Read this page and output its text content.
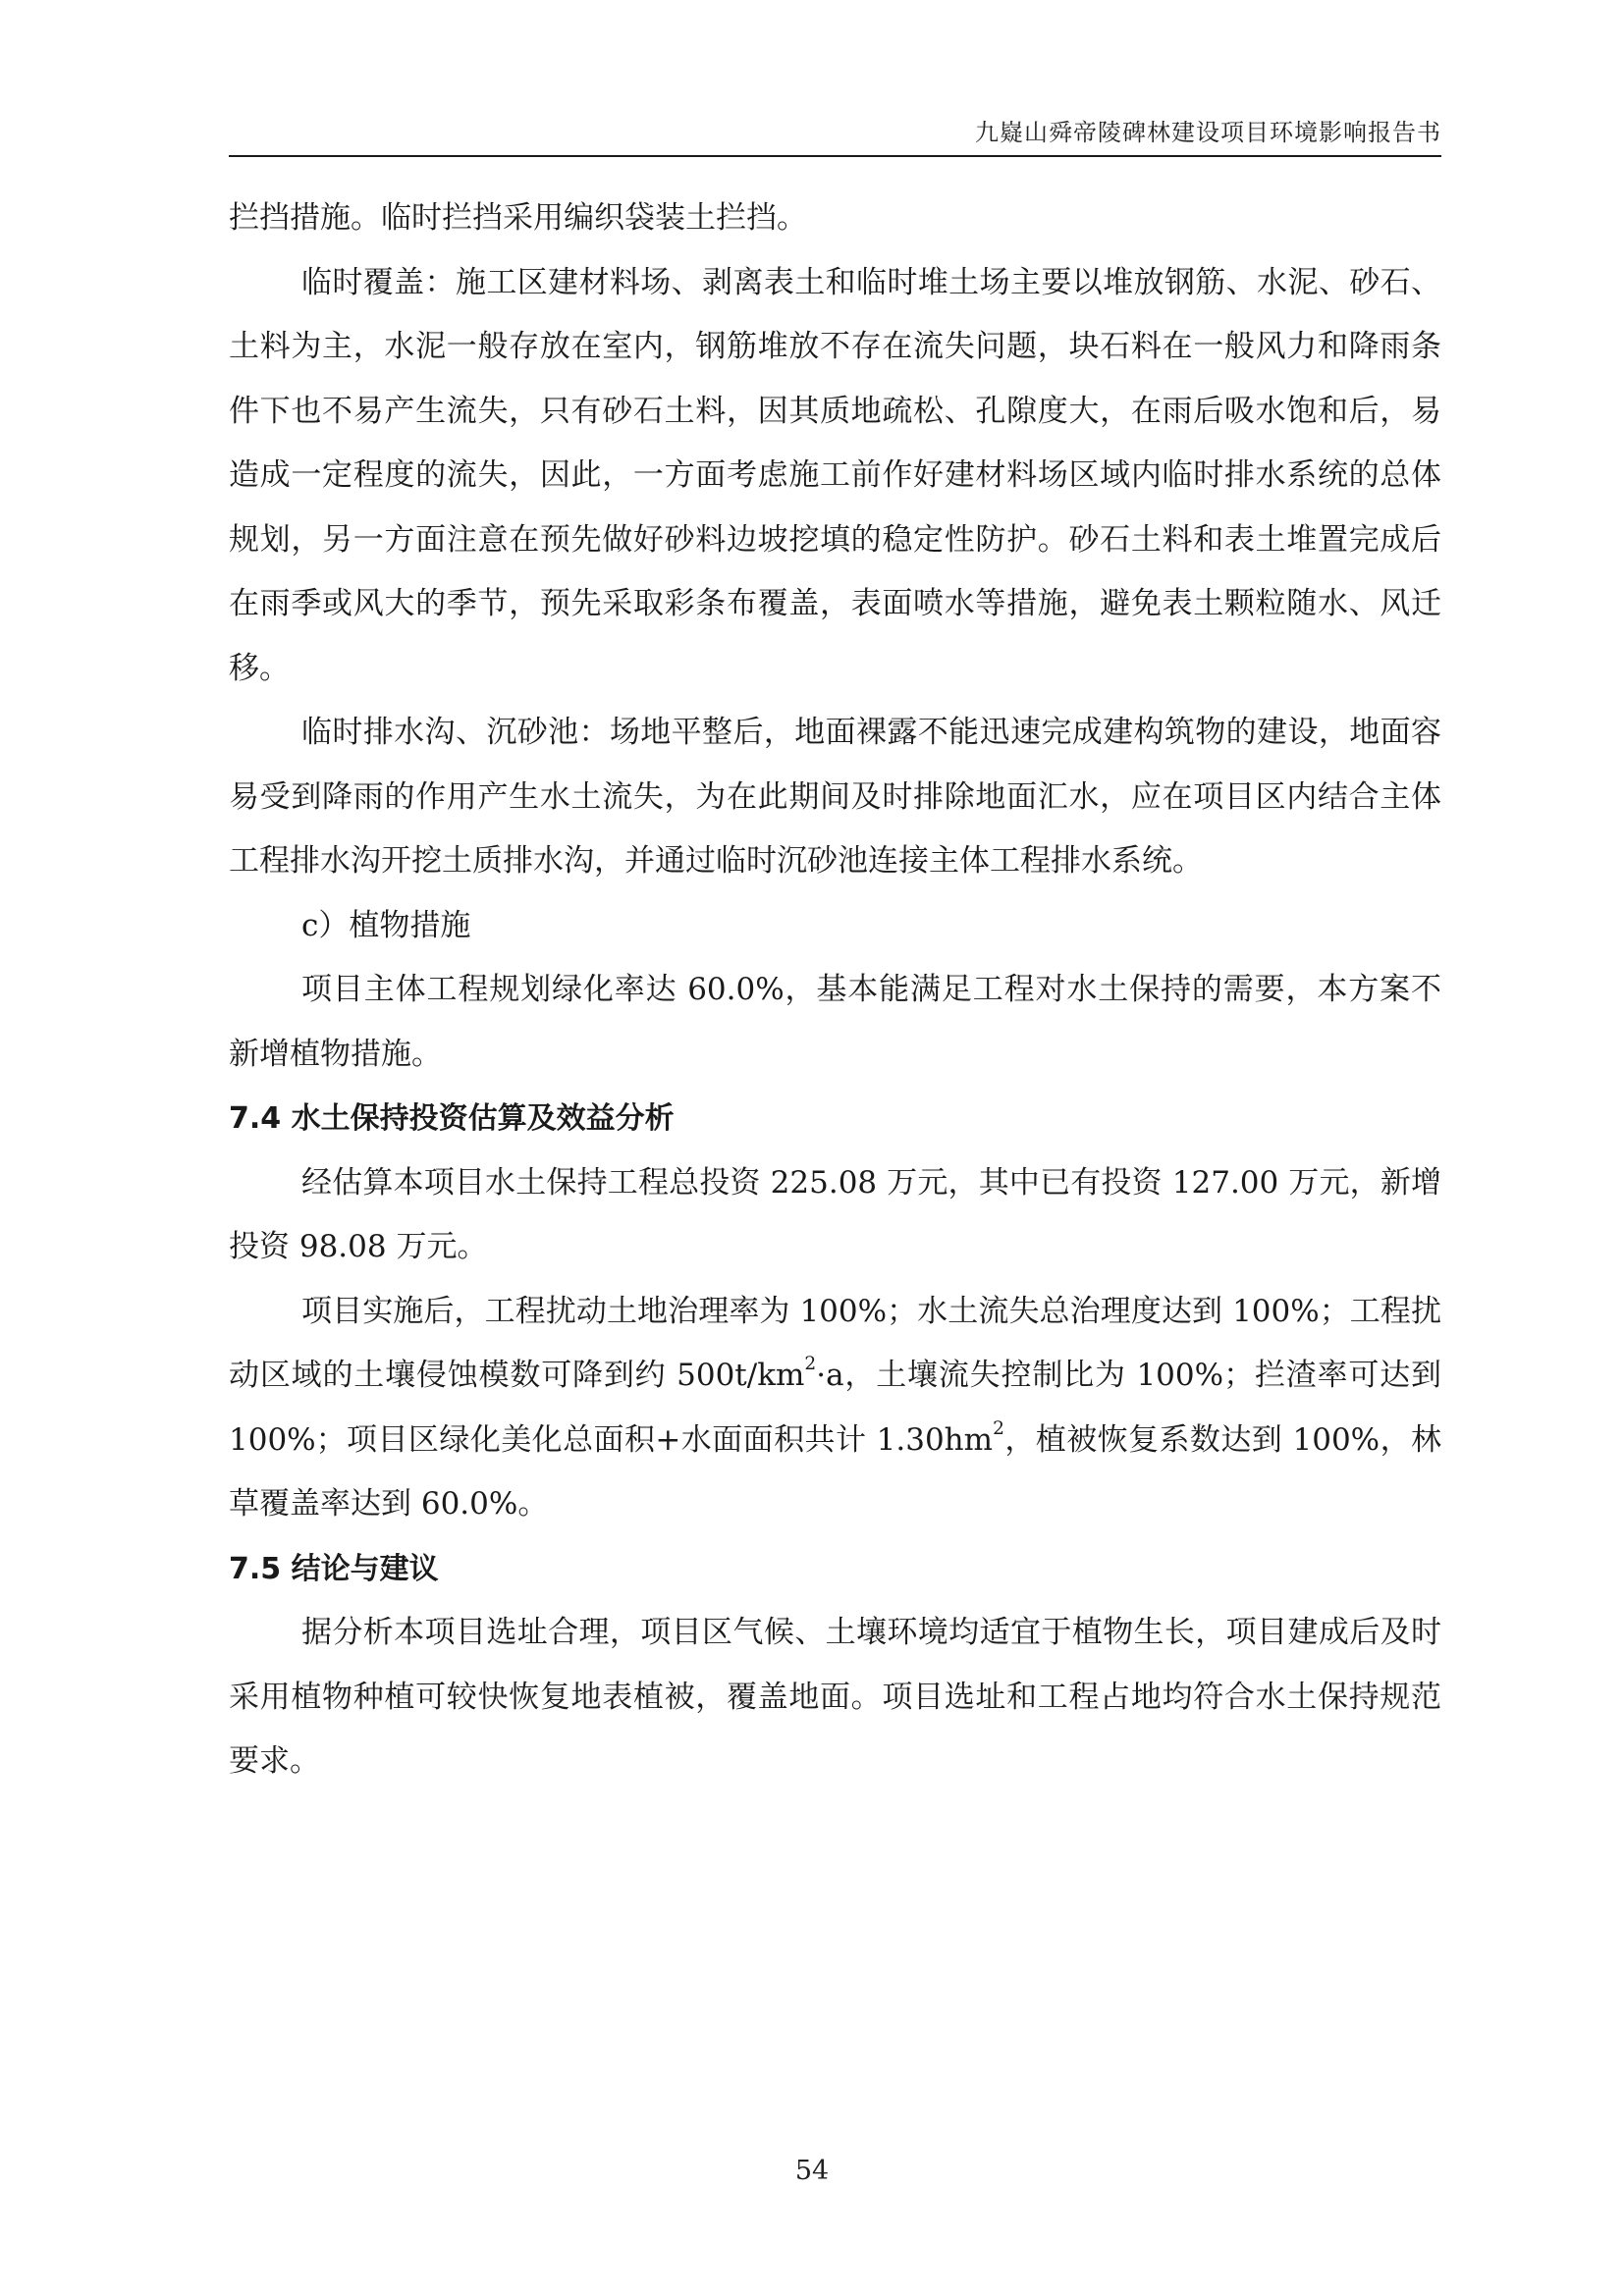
九嶷山舜帝陵碑林建设项目环境影响报告书

拦挡措施。临时拦挡采用编织袋装土拦挡。

临时覆盖：施工区建材料场、剥离表土和临时堆土场主要以堆放钢筋、水泥、砂石、土料为主，水泥一般存放在室内，钢筋堆放不存在流失问题，块石料在一般风力和降雨条件下也不易产生流失，只有砂石土料，因其质地疏松、孔隙度大，在雨后吸水饱和后，易造成一定程度的流失，因此，一方面考虑施工前作好建材料场区域内临时排水系统的总体规划，另一方面注意在预先做好砂料边坡挖填的稳定性防护。砂石土料和表土堆置完成后在雨季或风大的季节，预先采取彩条布覆盖，表面喷水等措施，避免表土颗粒随水、风迁移。

临时排水沟、沉砂池：场地平整后，地面裸露不能迅速完成建构筑物的建设，地面容易受到降雨的作用产生水土流失，为在此期间及时排除地面汇水，应在项目区内结合主体工程排水沟开挖土质排水沟，并通过临时沉砂池连接主体工程排水系统。

c）植物措施

项目主体工程规划绿化率达 60.0%，基本能满足工程对水土保持的需要，本方案不新增植物措施。

7.4 水土保持投资估算及效益分析

经估算本项目水土保持工程总投资 225.08 万元，其中已有投资 127.00 万元，新增投资 98.08 万元。

项目实施后，工程扰动土地治理率为 100%；水土流失总治理度达到 100%；工程扰动区域的土壤侵蚀模数可降到约 $500t/km^2\cdot a$，土壤流失控制比为 100%；拦渣率可达到 100%；项目区绿化美化总面积+水面面积共计 $1.30hm^2$，植被恢复系数达到 100%，林草覆盖率达到 60.0%。

7.5 结论与建议

据分析本项目选址合理，项目区气候、土壤环境均适宜于植物生长，项目建成后及时采用植物种植可较快恢复地表植被，覆盖地面。项目选址和工程占地均符合水土保持规范要求。

54
